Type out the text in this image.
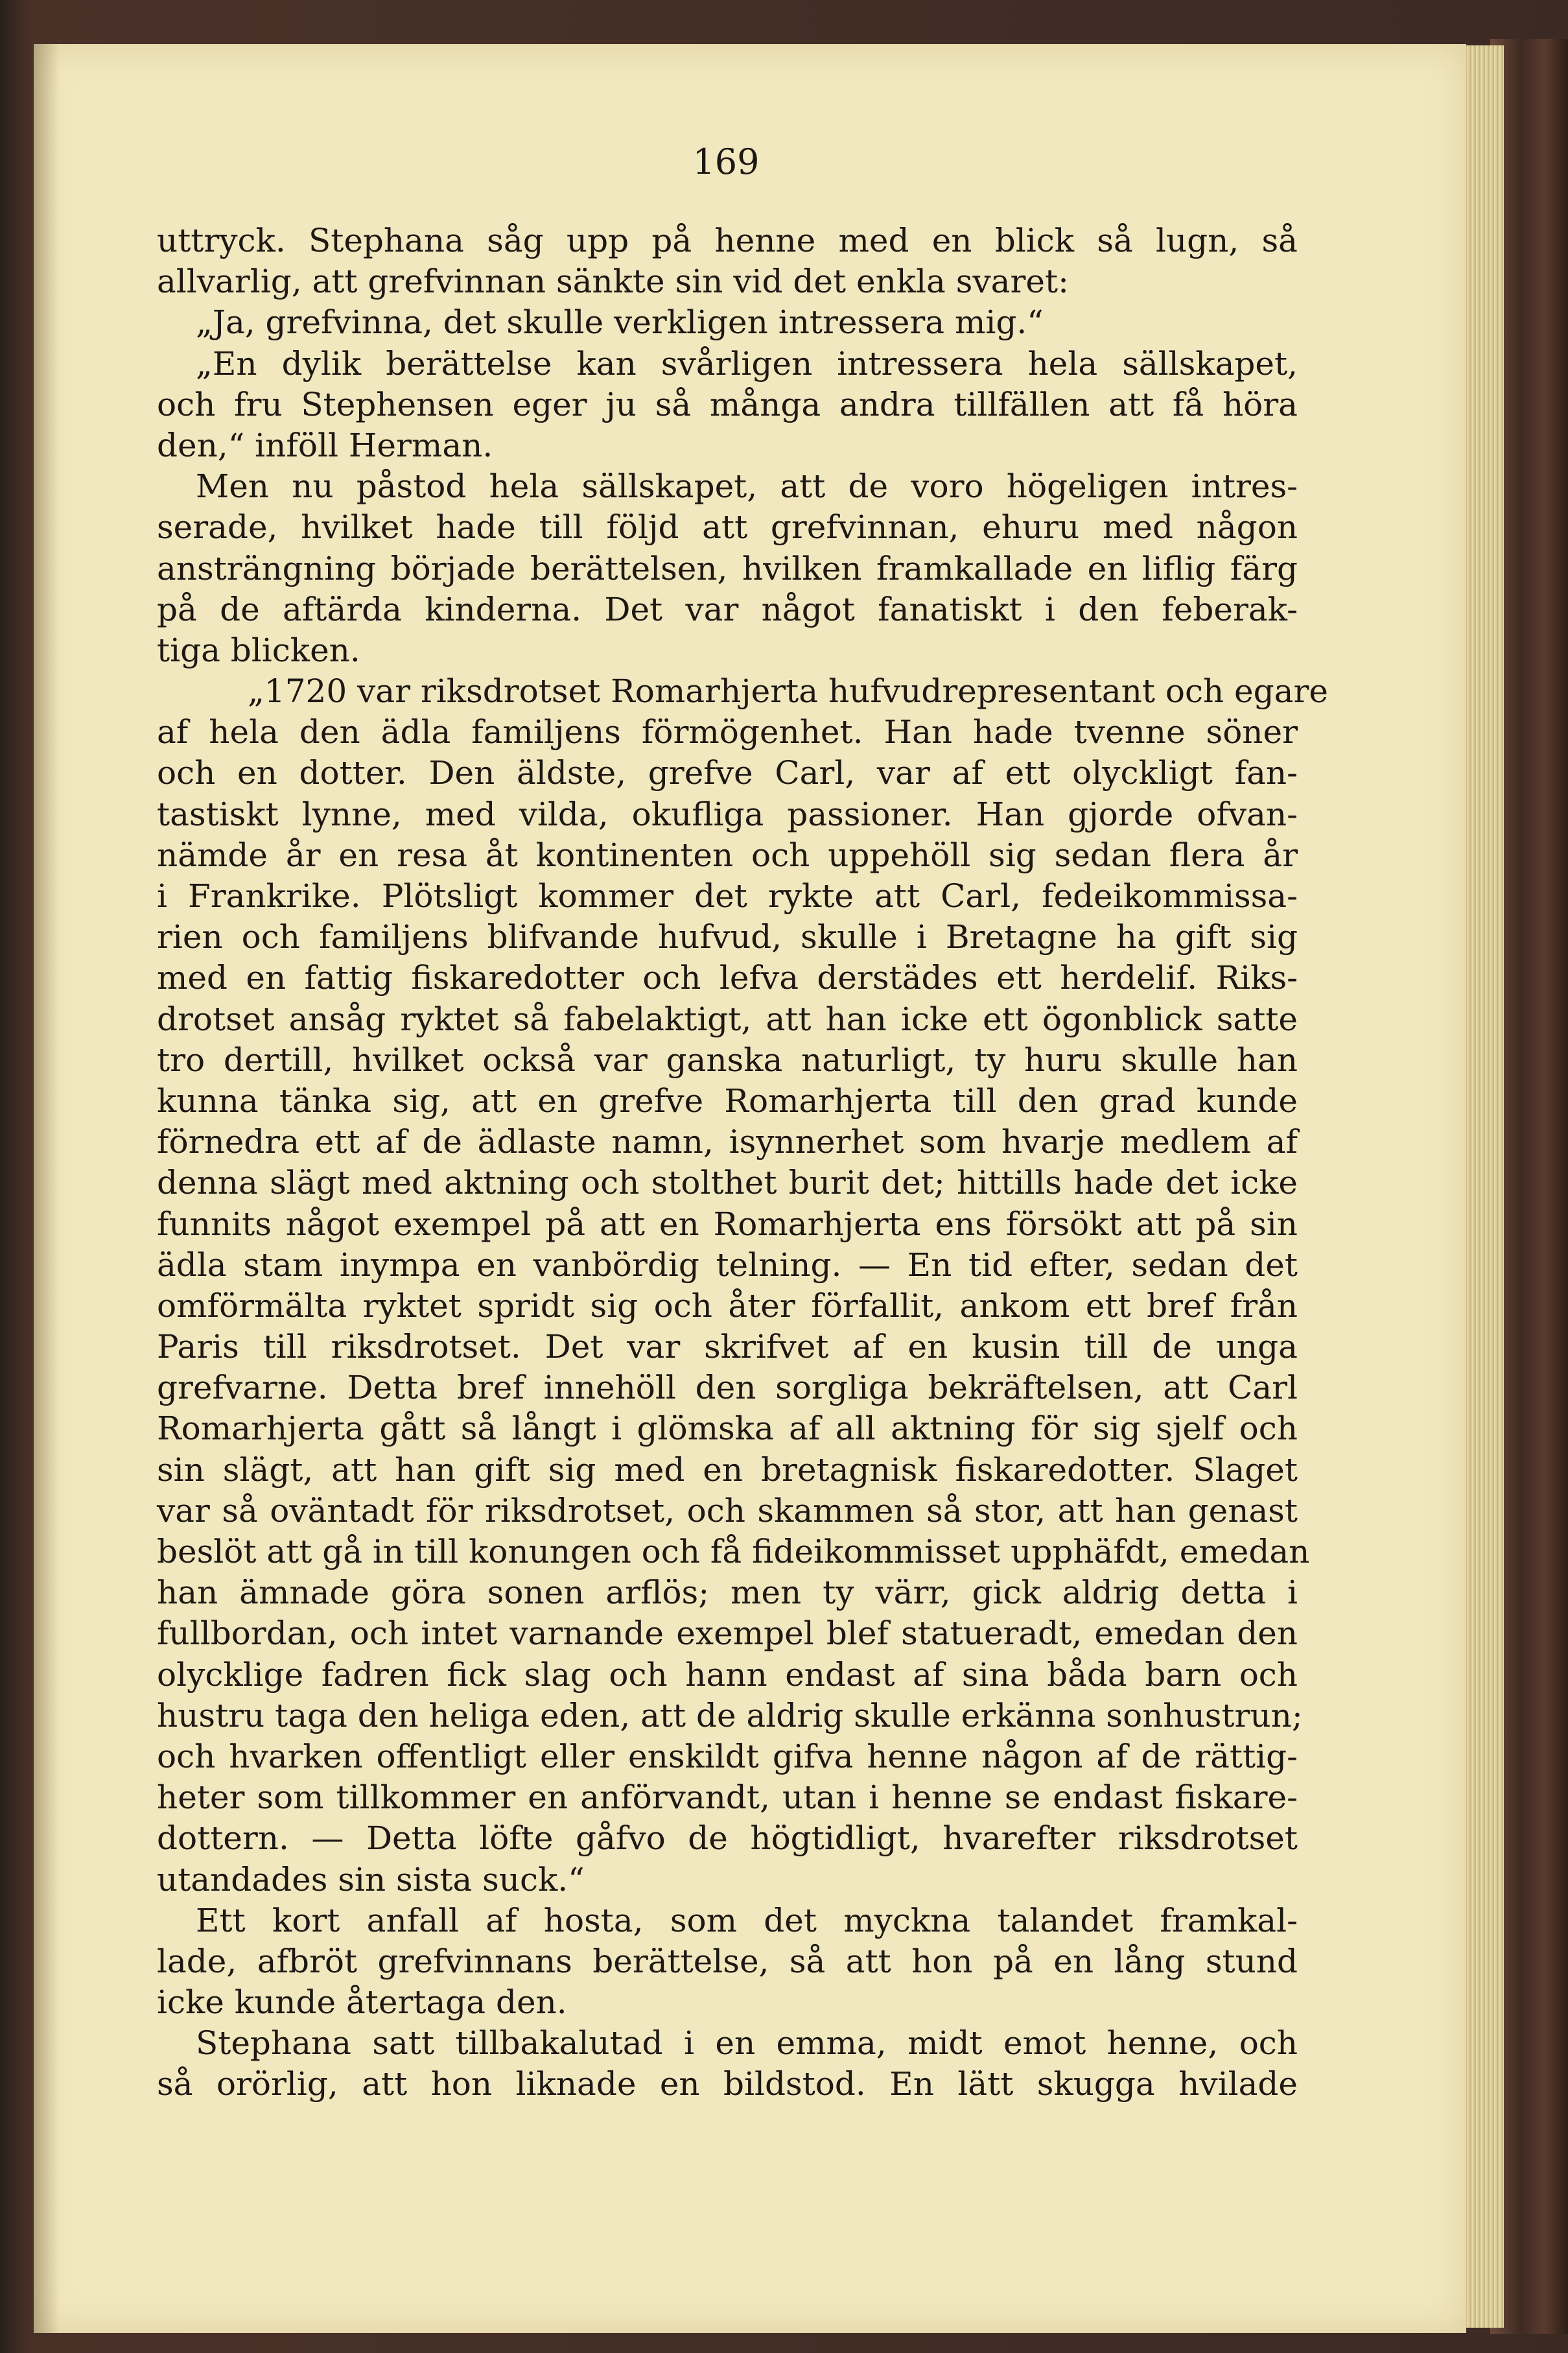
169
uttryck. Stephana såg upp på henne med en blick så lugn, så
allvarlig, att grefvinnan sänkte sin vid det enkla svaret:
„Ja, grefvinna, det skulle verkligen intressera mig.“
„En dylik berättelse kan svårligen intressera hela sällskapet,
och fru Stephensen eger ju så många andra tillfällen att få höra
den,“ inföll Herman.
Men nu påstod hela sällskapet, att de voro högeligen intres-
serade, hvilket hade till följd att grefvinnan, ehuru med någon
ansträngning började berättelsen, hvilken framkallade en liflig färg
på de aftärda kinderna. Det var något fanatiskt i den feberak-
tiga blicken.
„1720 var riksdrotset Romarhjerta hufvudrepresentant och egare
af hela den ädla familjens förmögenhet. Han hade tvenne söner
och en dotter. Den äldste, grefve Carl, var af ett olyckligt fan-
tastiskt lynne, med vilda, okufliga passioner. Han gjorde ofvan-
nämde år en resa åt kontinenten och uppehöll sig sedan flera år
i Frankrike. Plötsligt kommer det rykte att Carl, fedeikommissa-
rien och familjens blifvande hufvud, skulle i Bretagne ha gift sig
med en fattig fiskaredotter och lefva derstädes ett herdelif. Riks-
drotset ansåg ryktet så fabelaktigt, att han icke ett ögonblick satte
tro dertill, hvilket också var ganska naturligt, ty huru skulle han
kunna tänka sig, att en grefve Romarhjerta till den grad kunde
förnedra ett af de ädlaste namn, isynnerhet som hvarje medlem af
denna slägt med aktning och stolthet burit det; hittills hade det icke
funnits något exempel på att en Romarhjerta ens försökt att på sin
ädla stam inympa en vanbördig telning. — En tid efter, sedan det
omförmälta ryktet spridt sig och åter förfallit, ankom ett bref från
Paris till riksdrotset. Det var skrifvet af en kusin till de unga
grefvarne. Detta bref innehöll den sorgliga bekräftelsen, att Carl
Romarhjerta gått så långt i glömska af all aktning för sig sjelf och
sin slägt, att han gift sig med en bretagnisk fiskaredotter. Slaget
var så oväntadt för riksdrotset, och skammen så stor, att han genast
beslöt att gå in till konungen och få fideikommisset upphäfdt, emedan
han ämnade göra sonen arflös; men ty värr, gick aldrig detta i
fullbordan, och intet varnande exempel blef statueradt, emedan den
olycklige fadren fick slag och hann endast af sina båda barn och
hustru taga den heliga eden, att de aldrig skulle erkänna sonhustrun;
och hvarken offentligt eller enskildt gifva henne någon af de rättig-
heter som tillkommer en anförvandt, utan i henne se endast fiskare-
dottern. — Detta löfte gåfvo de högtidligt, hvarefter riksdrotset
utandades sin sista suck.“
Ett kort anfall af hosta, som det myckna talandet framkal-
lade, afbröt grefvinnans berättelse, så att hon på en lång stund
icke kunde återtaga den.
Stephana satt tillbakalutad i en emma, midt emot henne, och
så orörlig, att hon liknade en bildstod. En lätt skugga hvilade
